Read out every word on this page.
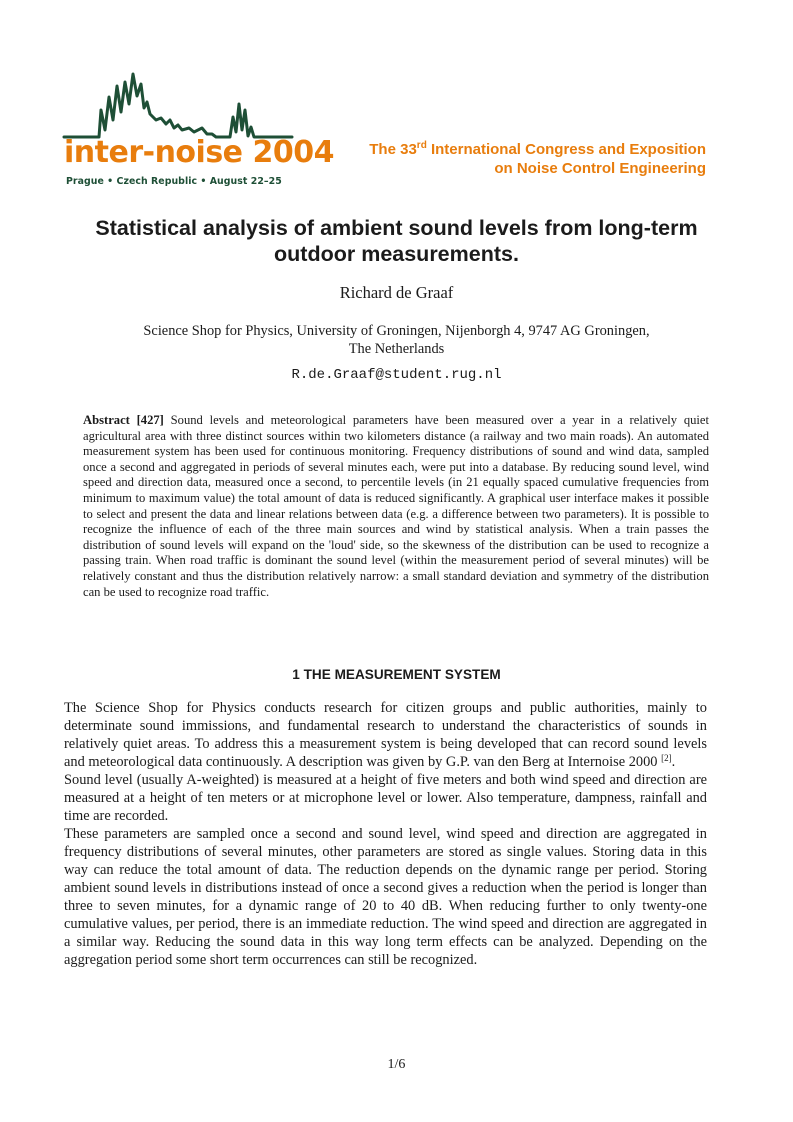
inter-noise 2004
Prague • Czech Republic • August 22–25
The 33rd International Congress and Exposition
on Noise Control Engineering
Statistical analysis of ambient sound levels from long-term
outdoor measurements.
Richard de Graaf
Science Shop for Physics, University of Groningen, Nijenborgh 4, 9747 AG Groningen,
The Netherlands
R.de.Graaf@student.rug.nl

Abstract [427] Sound levels and meteorological parameters have been measured over a year in a relatively quiet agricultural area with three distinct sources within two kilometers distance (a railway and two main roads). An automated measurement system has been used for continuous monitoring. Frequency distributions of sound and wind data, sampled once a second and aggregated in periods of several minutes each, were put into a database. By reducing sound level, wind speed and direction data, measured once a second, to percentile levels (in 21 equally spaced cumulative frequencies from minimum to maximum value) the total amount of data is reduced significantly. A graphical user interface makes it possible to select and present the data and linear relations between data (e.g. a difference between two parameters). It is possible to recognize the influence of each of the three main sources and wind by statistical analysis. When a train passes the distribution of sound levels will expand on the 'loud' side, so the skewness of the distribution can be used to recognize a passing train. When road traffic is dominant the sound level (within the measurement period of several minutes) will be relatively constant and thus the distribution relatively narrow: a small standard deviation and symmetry of the distribution can be used to recognize road traffic.

1 THE MEASUREMENT SYSTEM

The Science Shop for Physics conducts research for citizen groups and public authorities, mainly to determinate sound immissions, and fundamental research to understand the characteristics of sounds in relatively quiet areas. To address this a measurement system is being developed that can record sound levels and meteorological data continuously. A description was given by G.P. van den Berg at Internoise 2000 [2].

Sound level (usually A-weighted) is measured at a height of five meters and both wind speed and direction are measured at a height of ten meters or at microphone level or lower. Also temperature, dampness, rainfall and time are recorded.

These parameters are sampled once a second and sound level, wind speed and direction are aggregated in frequency distributions of several minutes, other parameters are stored as single values. Storing data in this way can reduce the total amount of data. The reduction depends on the dynamic range per period. Storing ambient sound levels in distributions instead of once a second gives a reduction when the period is longer than three to seven minutes, for a dynamic range of 20 to 40 dB. When reducing further to only twenty-one cumulative values, per period, there is an immediate reduction. The wind speed and direction are aggregated in a similar way. Reducing the sound data in this way long term effects can be analyzed. Depending on the aggregation period some short term occurrences can still be recognized.

1/6
